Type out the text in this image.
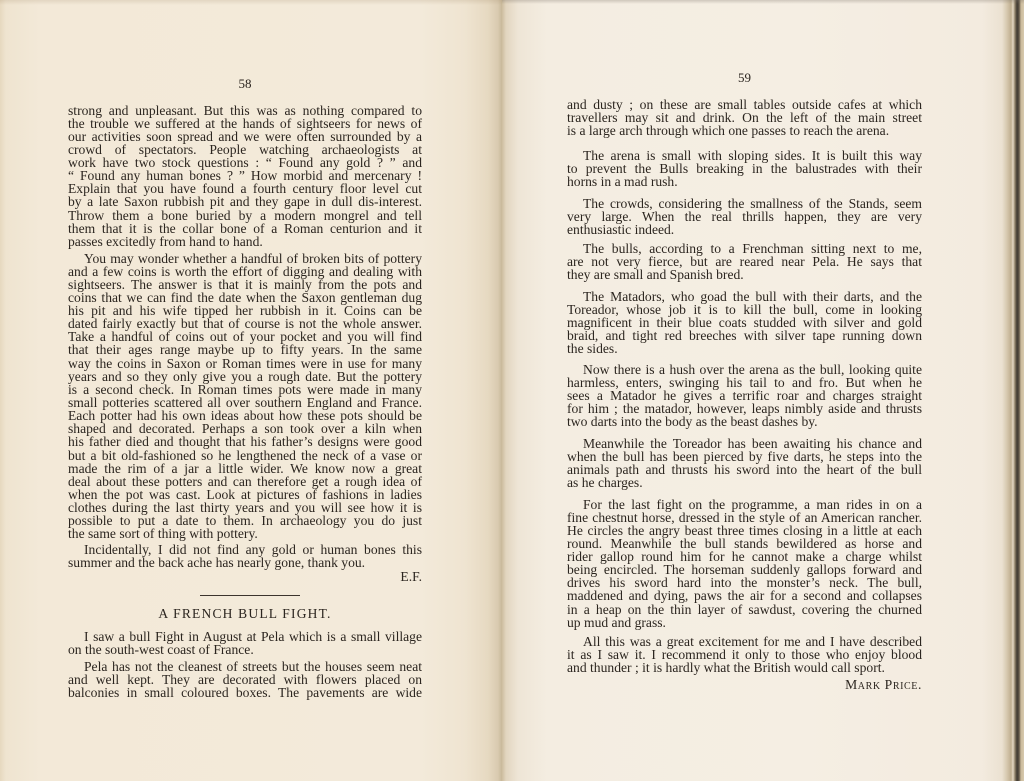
58
strong and unpleasant. But this was as nothing compared to
the trouble we suffered at the hands of sightseers for news of
our activities soon spread and we were often surrounded by a
crowd of spectators. People watching archaeologists at
work have two stock questions : “ Found any gold ? ” and
“ Found any human bones ? ” How morbid and mercenary !
Explain that you have found a fourth century floor level cut
by a late Saxon rubbish pit and they gape in dull dis-interest.
Throw them a bone buried by a modern mongrel and tell
them that it is the collar bone of a Roman centurion and it
passes excitedly from hand to hand.
You may wonder whether a handful of broken bits of pottery
and a few coins is worth the effort of digging and dealing with
sightseers. The answer is that it is mainly from the pots and
coins that we can find the date when the Saxon gentleman dug
his pit and his wife tipped her rubbish in it. Coins can be
dated fairly exactly but that of course is not the whole answer.
Take a handful of coins out of your pocket and you will find
that their ages range maybe up to fifty years. In the same
way the coins in Saxon or Roman times were in use for many
years and so they only give you a rough date. But the pottery
is a second check. In Roman times pots were made in many
small potteries scattered all over southern England and France.
Each potter had his own ideas about how these pots should be
shaped and decorated. Perhaps a son took over a kiln when
his father died and thought that his father’s designs were good
but a bit old-fashioned so he lengthened the neck of a vase or
made the rim of a jar a little wider. We know now a great
deal about these potters and can therefore get a rough idea of
when the pot was cast. Look at pictures of fashions in ladies
clothes during the last thirty years and you will see how it is
possible to put a date to them. In archaeology you do just
the same sort of thing with pottery.
Incidentally, I did not find any gold or human bones this
summer and the back ache has nearly gone, thank you.
E.F.
A FRENCH BULL FIGHT.
I saw a bull Fight in August at Pela which is a small village
on the south-west coast of France.
Pela has not the cleanest of streets but the houses seem neat
and well kept. They are decorated with flowers placed on
balconies in small coloured boxes. The pavements are wide
59
and dusty ; on these are small tables outside cafes at which
travellers may sit and drink. On the left of the main street
is a large arch through which one passes to reach the arena.
The arena is small with sloping sides. It is built this way
to prevent the Bulls breaking in the balustrades with their
horns in a mad rush.
The crowds, considering the smallness of the Stands, seem
very large. When the real thrills happen, they are very
enthusiastic indeed.
The bulls, according to a Frenchman sitting next to me,
are not very fierce, but are reared near Pela. He says that
they are small and Spanish bred.
The Matadors, who goad the bull with their darts, and the
Toreador, whose job it is to kill the bull, come in looking
magnificent in their blue coats studded with silver and gold
braid, and tight red breeches with silver tape running down
the sides.
Now there is a hush over the arena as the bull, looking quite
harmless, enters, swinging his tail to and fro. But when he
sees a Matador he gives a terrific roar and charges straight
for him ; the matador, however, leaps nimbly aside and thrusts
two darts into the body as the beast dashes by.
Meanwhile the Toreador has been awaiting his chance and
when the bull has been pierced by five darts, he steps into the
animals path and thrusts his sword into the heart of the bull
as he charges.
For the last fight on the programme, a man rides in on a
fine chestnut horse, dressed in the style of an American rancher.
He circles the angry beast three times closing in a little at each
round. Meanwhile the bull stands bewildered as horse and
rider gallop round him for he cannot make a charge whilst
being encircled. The horseman suddenly gallops forward and
drives his sword hard into the monster’s neck. The bull,
maddened and dying, paws the air for a second and collapses
in a heap on the thin layer of sawdust, covering the churned
up mud and grass.
All this was a great excitement for me and I have described
it as I saw it. I recommend it only to those who enjoy blood
and thunder ; it is hardly what the British would call sport.
Mark Price.
